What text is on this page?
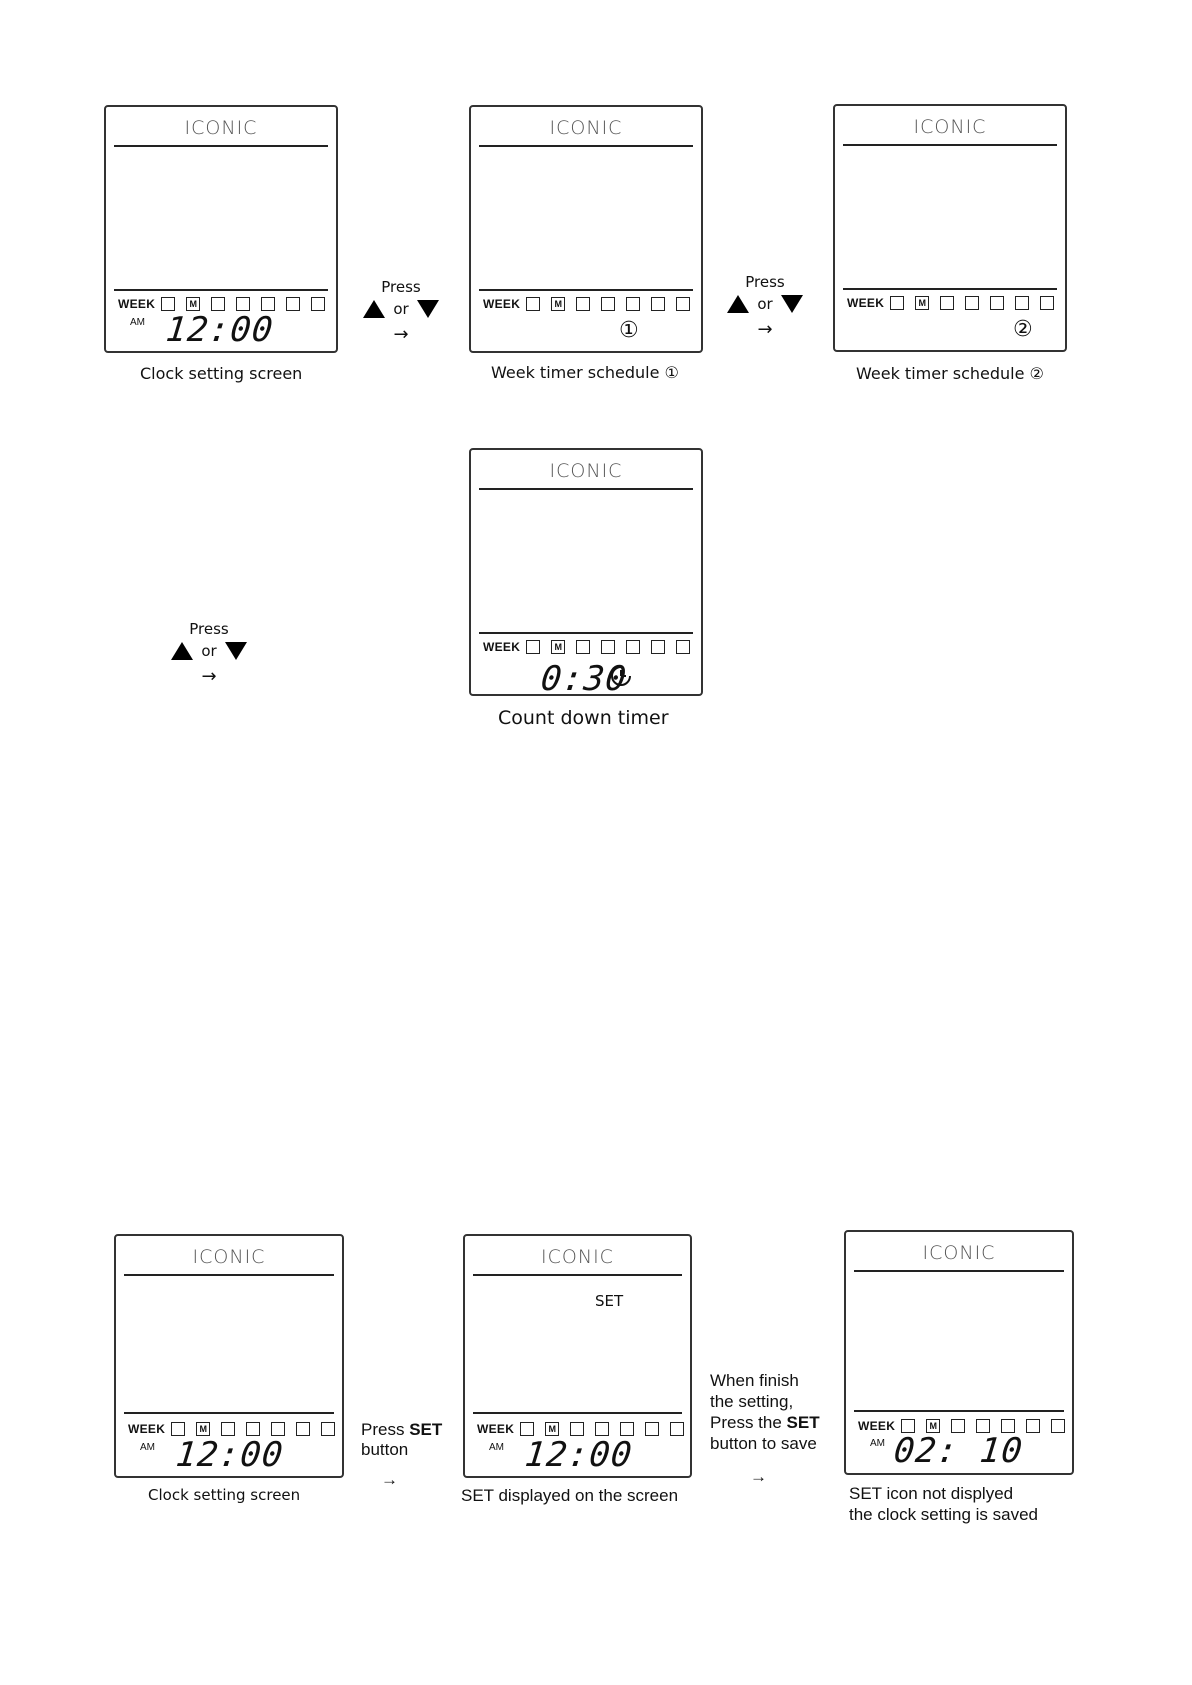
ICONIC
WEEK	M
AM 12:00
Clock setting screen
Press
or
→
ICONIC
WEEK	M
①
Week timer schedule ①
Press
or
→
ICONIC
WEEK	M
②
Week timer schedule ②
Press
or
→
ICONIC
WEEK	M
0:30
Count down timer
ICONIC
WEEK	M
AM 12:00
Clock setting screen
Press SET
button
→
ICONIC
SET
WEEK	M
AM 12:00
SET displayed on the screen
When finish
the setting,
Press the SET
button to save
→
ICONIC
WEEK	M
AM 02: 10
SET icon not displyed
the clock setting is saved
